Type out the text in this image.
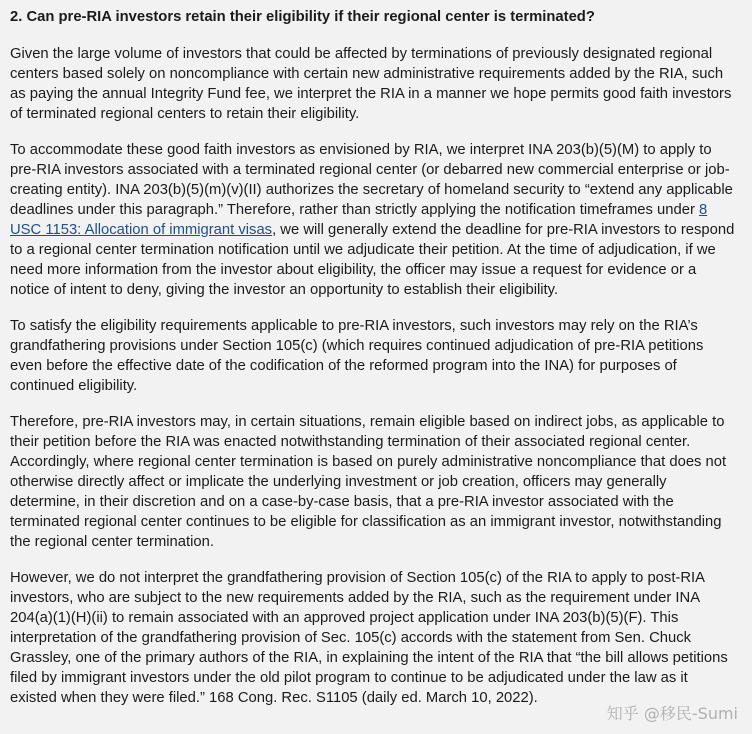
2. Can pre-RIA investors retain their eligibility if their regional center is terminated?

Given the large volume of investors that could be affected by terminations of previously designated regional centers based solely on noncompliance with certain new administrative requirements added by the RIA, such as paying the annual Integrity Fund fee, we interpret the RIA in a manner we hope permits good faith investors of terminated regional centers to retain their eligibility.

To accommodate these good faith investors as envisioned by RIA, we interpret INA 203(b)(5)(M) to apply to pre-RIA investors associated with a terminated regional center (or debarred new commercial enterprise or job-creating entity). INA 203(b)(5)(m)(v)(II) authorizes the secretary of homeland security to “extend any applicable deadlines under this paragraph.” Therefore, rather than strictly applying the notification timeframes under 8 USC 1153: Allocation of immigrant visas, we will generally extend the deadline for pre-RIA investors to respond to a regional center termination notification until we adjudicate their petition. At the time of adjudication, if we need more information from the investor about eligibility, the officer may issue a request for evidence or a notice of intent to deny, giving the investor an opportunity to establish their eligibility.

To satisfy the eligibility requirements applicable to pre-RIA investors, such investors may rely on the RIA’s grandfathering provisions under Section 105(c) (which requires continued adjudication of pre-RIA petitions even before the effective date of the codification of the reformed program into the INA) for purposes of continued eligibility.

Therefore, pre-RIA investors may, in certain situations, remain eligible based on indirect jobs, as applicable to their petition before the RIA was enacted notwithstanding termination of their associated regional center. Accordingly, where regional center termination is based on purely administrative noncompliance that does not otherwise directly affect or implicate the underlying investment or job creation, officers may generally determine, in their discretion and on a case-by-case basis, that a pre-RIA investor associated with the terminated regional center continues to be eligible for classification as an immigrant investor, notwithstanding the regional center termination.

However, we do not interpret the grandfathering provision of Section 105(c) of the RIA to apply to post-RIA investors, who are subject to the new requirements added by the RIA, such as the requirement under INA 204(a)(1)(H)(ii) to remain associated with an approved project application under INA 203(b)(5)(F). This interpretation of the grandfathering provision of Sec. 105(c) accords with the statement from Sen. Chuck Grassley, one of the primary authors of the RIA, in explaining the intent of the RIA that “the bill allows petitions filed by immigrant investors under the old pilot program to continue to be adjudicated under the law as it existed when they were filed.” 168 Cong. Rec. S1105 (daily ed. March 10, 2022).

知乎 @移民-Sumi
